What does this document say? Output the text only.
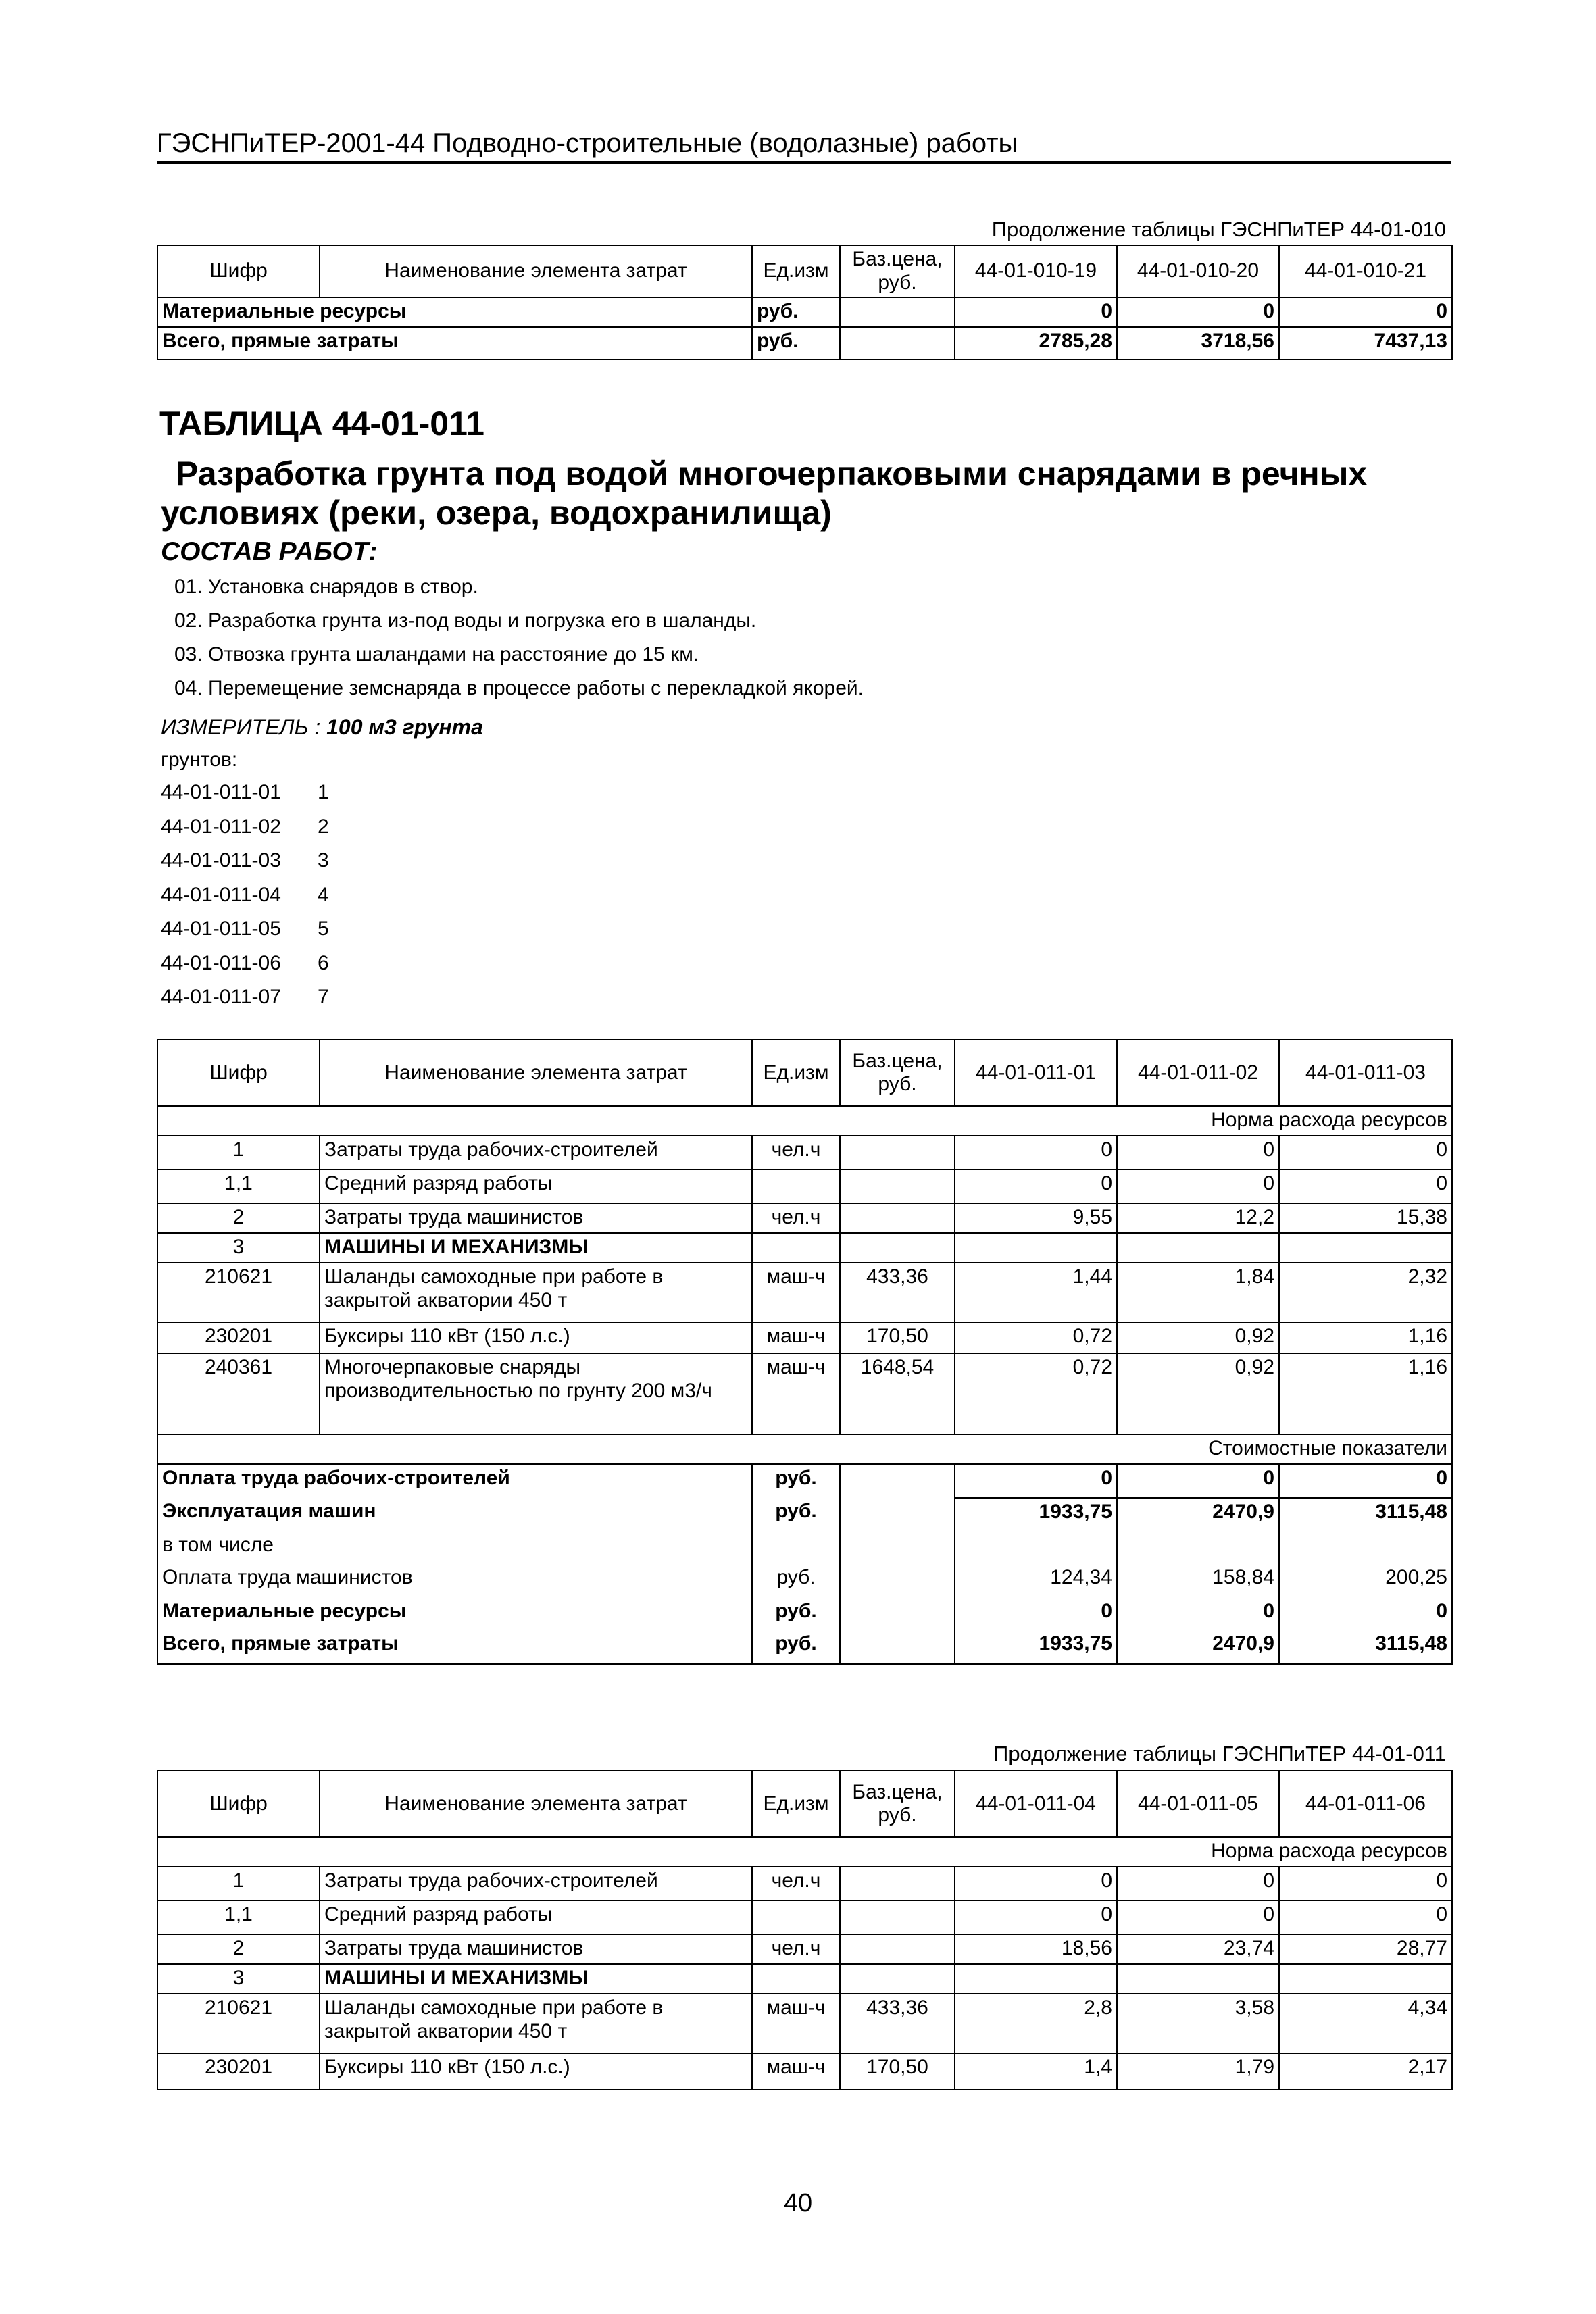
ГЭСНПиТЕР-2001-44 Подводно-строительные (водолазные) работы
Продолжение таблицы ГЭСНПиТЕР 44-01-010
Шифр	Наименование элемента затрат	Ед.изм	Баз.цена, руб.	44-01-010-19	44-01-010-20	44-01-010-21
Материальные ресурсы		руб.		0	0	0
Всего, прямые затраты		руб.		2785,28	3718,56	7437,13
ТАБЛИЦА 44-01-011
Разработка грунта под водой многочерпаковыми снарядами в речных
условиях (реки, озера, водохранилища)
СОСТАВ РАБОТ:
01. Установка снарядов в створ.
02. Разработка грунта из-под воды и погрузка его в шаланды.
03. Отвозка грунта шаландами на расстояние до 15 км.
04. Перемещение земснаряда в процессе работы с перекладкой якорей.
ИЗМЕРИТЕЛЬ : 100 м3 грунта
грунтов:
44-01-011-01	1
44-01-011-02	2
44-01-011-03	3
44-01-011-04	4
44-01-011-05	5
44-01-011-06	6
44-01-011-07	7
Шифр	Наименование элемента затрат	Ед.изм	Баз.цена, руб.	44-01-011-01	44-01-011-02	44-01-011-03
Норма расхода ресурсов						
1	Затраты труда рабочих-строителей	чел.ч		0	0	0
1,1	Средний разряд работы			0	0	0
2	Затраты труда машинистов	чел.ч		9,55	12,2	15,38
3	МАШИНЫ И МЕХАНИЗМЫ					
210621	Шаланды самоходные при работе в закрытой акватории 450 т	маш-ч	433,36	1,44	1,84	2,32
230201	Буксиры 110 кВт (150 л.с.)	маш-ч	170,50	0,72	0,92	1,16
240361	Многочерпаковые снаряды производительностью по грунту 200 м3/ч	маш-ч	1648,54	0,72	0,92	1,16
Стоимостные показатели						
Оплата труда рабочих-строителей		руб.		0	0	0
Эксплуатация машин		руб.		1933,75	2470,9	3115,48
в том числе						
Оплата труда машинистов		руб.		124,34	158,84	200,25
Материальные ресурсы		руб.		0	0	0
Всего, прямые затраты		руб.		1933,75	2470,9	3115,48
Продолжение таблицы ГЭСНПиТЕР 44-01-011
Шифр	Наименование элемента затрат	Ед.изм	Баз.цена, руб.	44-01-011-04	44-01-011-05	44-01-011-06
Норма расхода ресурсов						
1	Затраты труда рабочих-строителей	чел.ч		0	0	0
1,1	Средний разряд работы			0	0	0
2	Затраты труда машинистов	чел.ч		18,56	23,74	28,77
3	МАШИНЫ И МЕХАНИЗМЫ					
210621	Шаланды самоходные при работе в закрытой акватории 450 т	маш-ч	433,36	2,8	3,58	4,34
230201	Буксиры 110 кВт (150 л.с.)	маш-ч	170,50	1,4	1,79	2,17
40
